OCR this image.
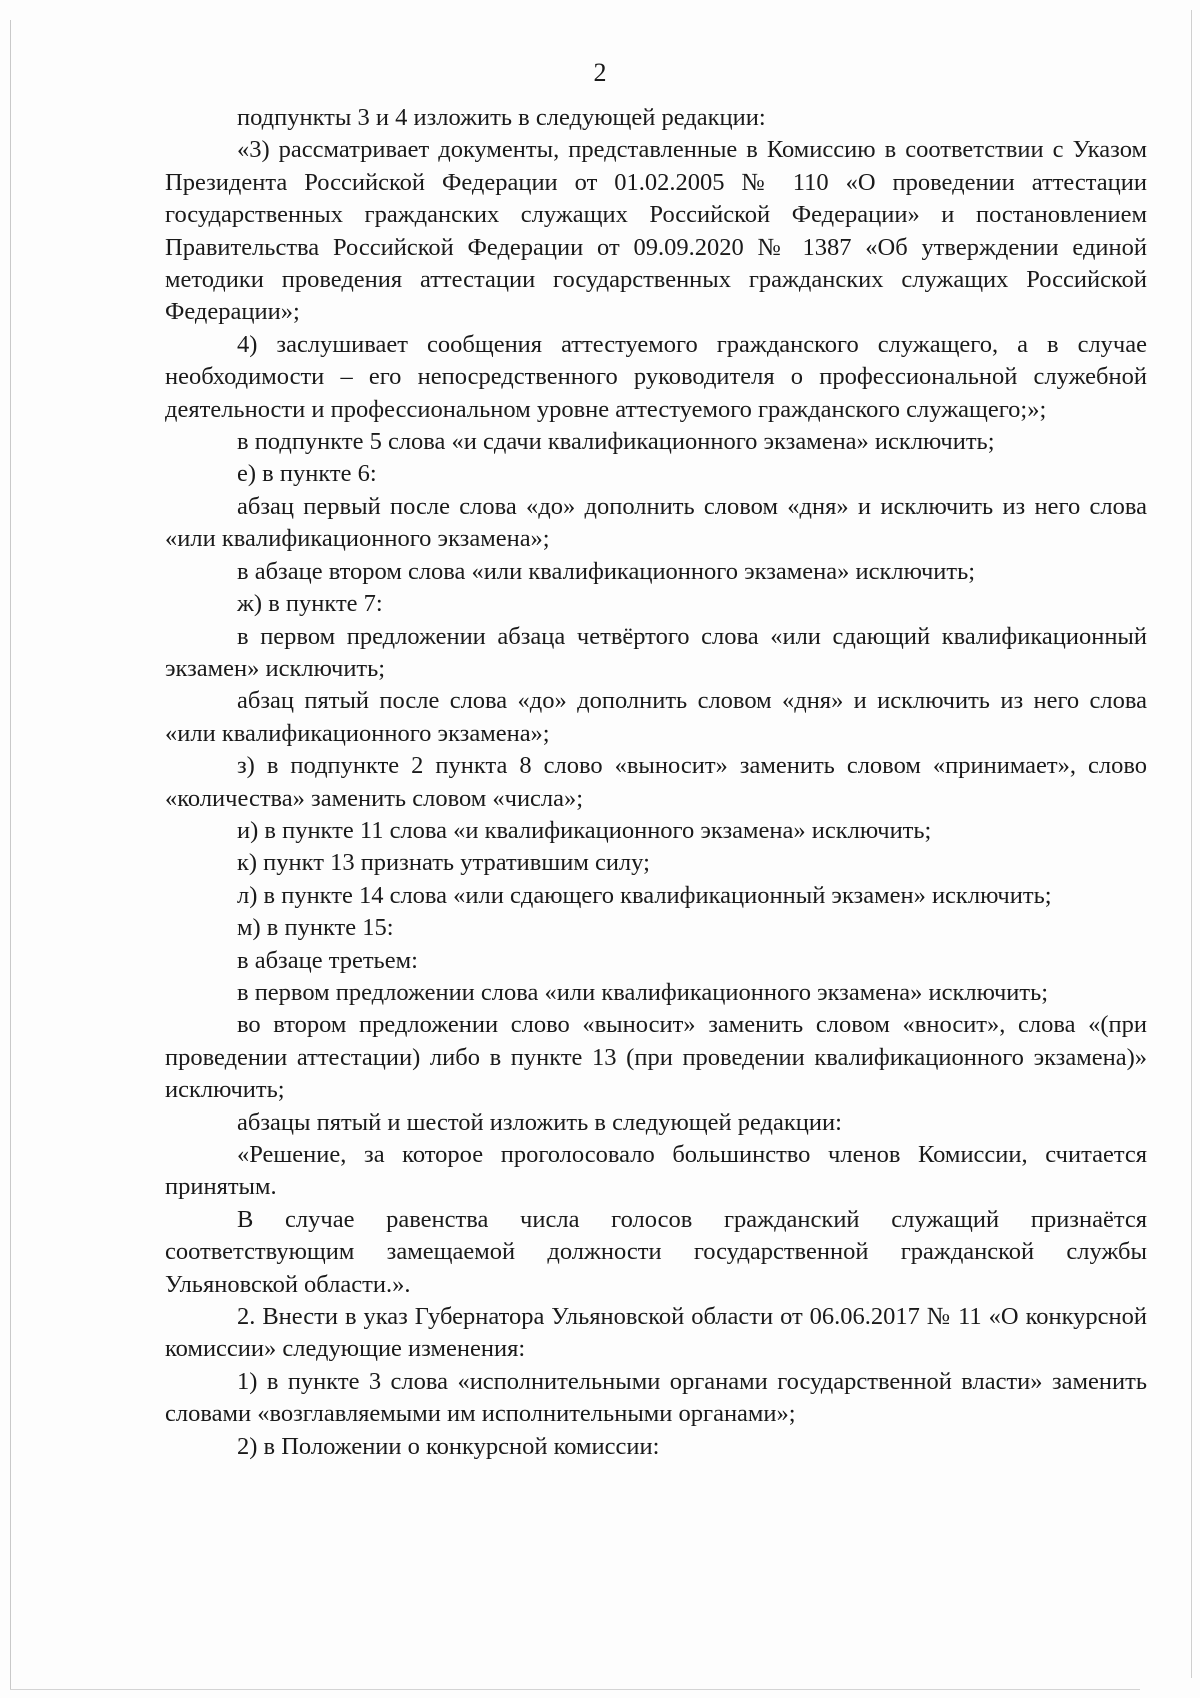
2

подпункты 3 и 4 изложить в следующей редакции:

«3) рассматривает документы, представленные в Комиссию в соответствии с Указом Президента Российской Федерации от 01.02.2005 № 110 «О проведении аттестации государственных гражданских служащих Российской Федерации» и постановлением Правительства Российской Федерации от 09.09.2020 № 1387 «Об утверждении единой методики проведения аттестации государственных гражданских служащих Российской Федерации»;

4) заслушивает сообщения аттестуемого гражданского служащего, а в случае необходимости – его непосредственного руководителя о профессиональной служебной деятельности и профессиональном уровне аттестуемого гражданского служащего;»;

в подпункте 5 слова «и сдачи квалификационного экзамена» исключить;

е) в пункте 6:

абзац первый после слова «до» дополнить словом «дня» и исключить из него слова «или квалификационного экзамена»;

в абзаце втором слова «или квалификационного экзамена» исключить;

ж) в пункте 7:

в первом предложении абзаца четвёртого слова «или сдающий квалификационный экзамен» исключить;

абзац пятый после слова «до» дополнить словом «дня» и исключить из него слова «или квалификационного экзамена»;

з) в подпункте 2 пункта 8 слово «выносит» заменить словом «принимает», слово «количества» заменить словом «числа»;

и) в пункте 11 слова «и квалификационного экзамена» исключить;

к) пункт 13 признать утратившим силу;

л) в пункте 14 слова «или сдающего квалификационный экзамен» исключить;

м) в пункте 15:

в абзаце третьем:

в первом предложении слова «или квалификационного экзамена» исключить;

во втором предложении слово «выносит» заменить словом «вносит», слова «(при проведении аттестации) либо в пункте 13 (при проведении квалификационного экзамена)» исключить;

абзацы пятый и шестой изложить в следующей редакции:

«Решение, за которое проголосовало большинство членов Комиссии, считается принятым.

В случае равенства числа голосов гражданский служащий признаётся соответствующим замещаемой должности государственной гражданской службы Ульяновской области.».

2. Внести в указ Губернатора Ульяновской области от 06.06.2017 № 11 «О конкурсной комиссии» следующие изменения:

1) в пункте 3 слова «исполнительными органами государственной власти» заменить словами «возглавляемыми им исполнительными органами»;

2) в Положении о конкурсной комиссии:
